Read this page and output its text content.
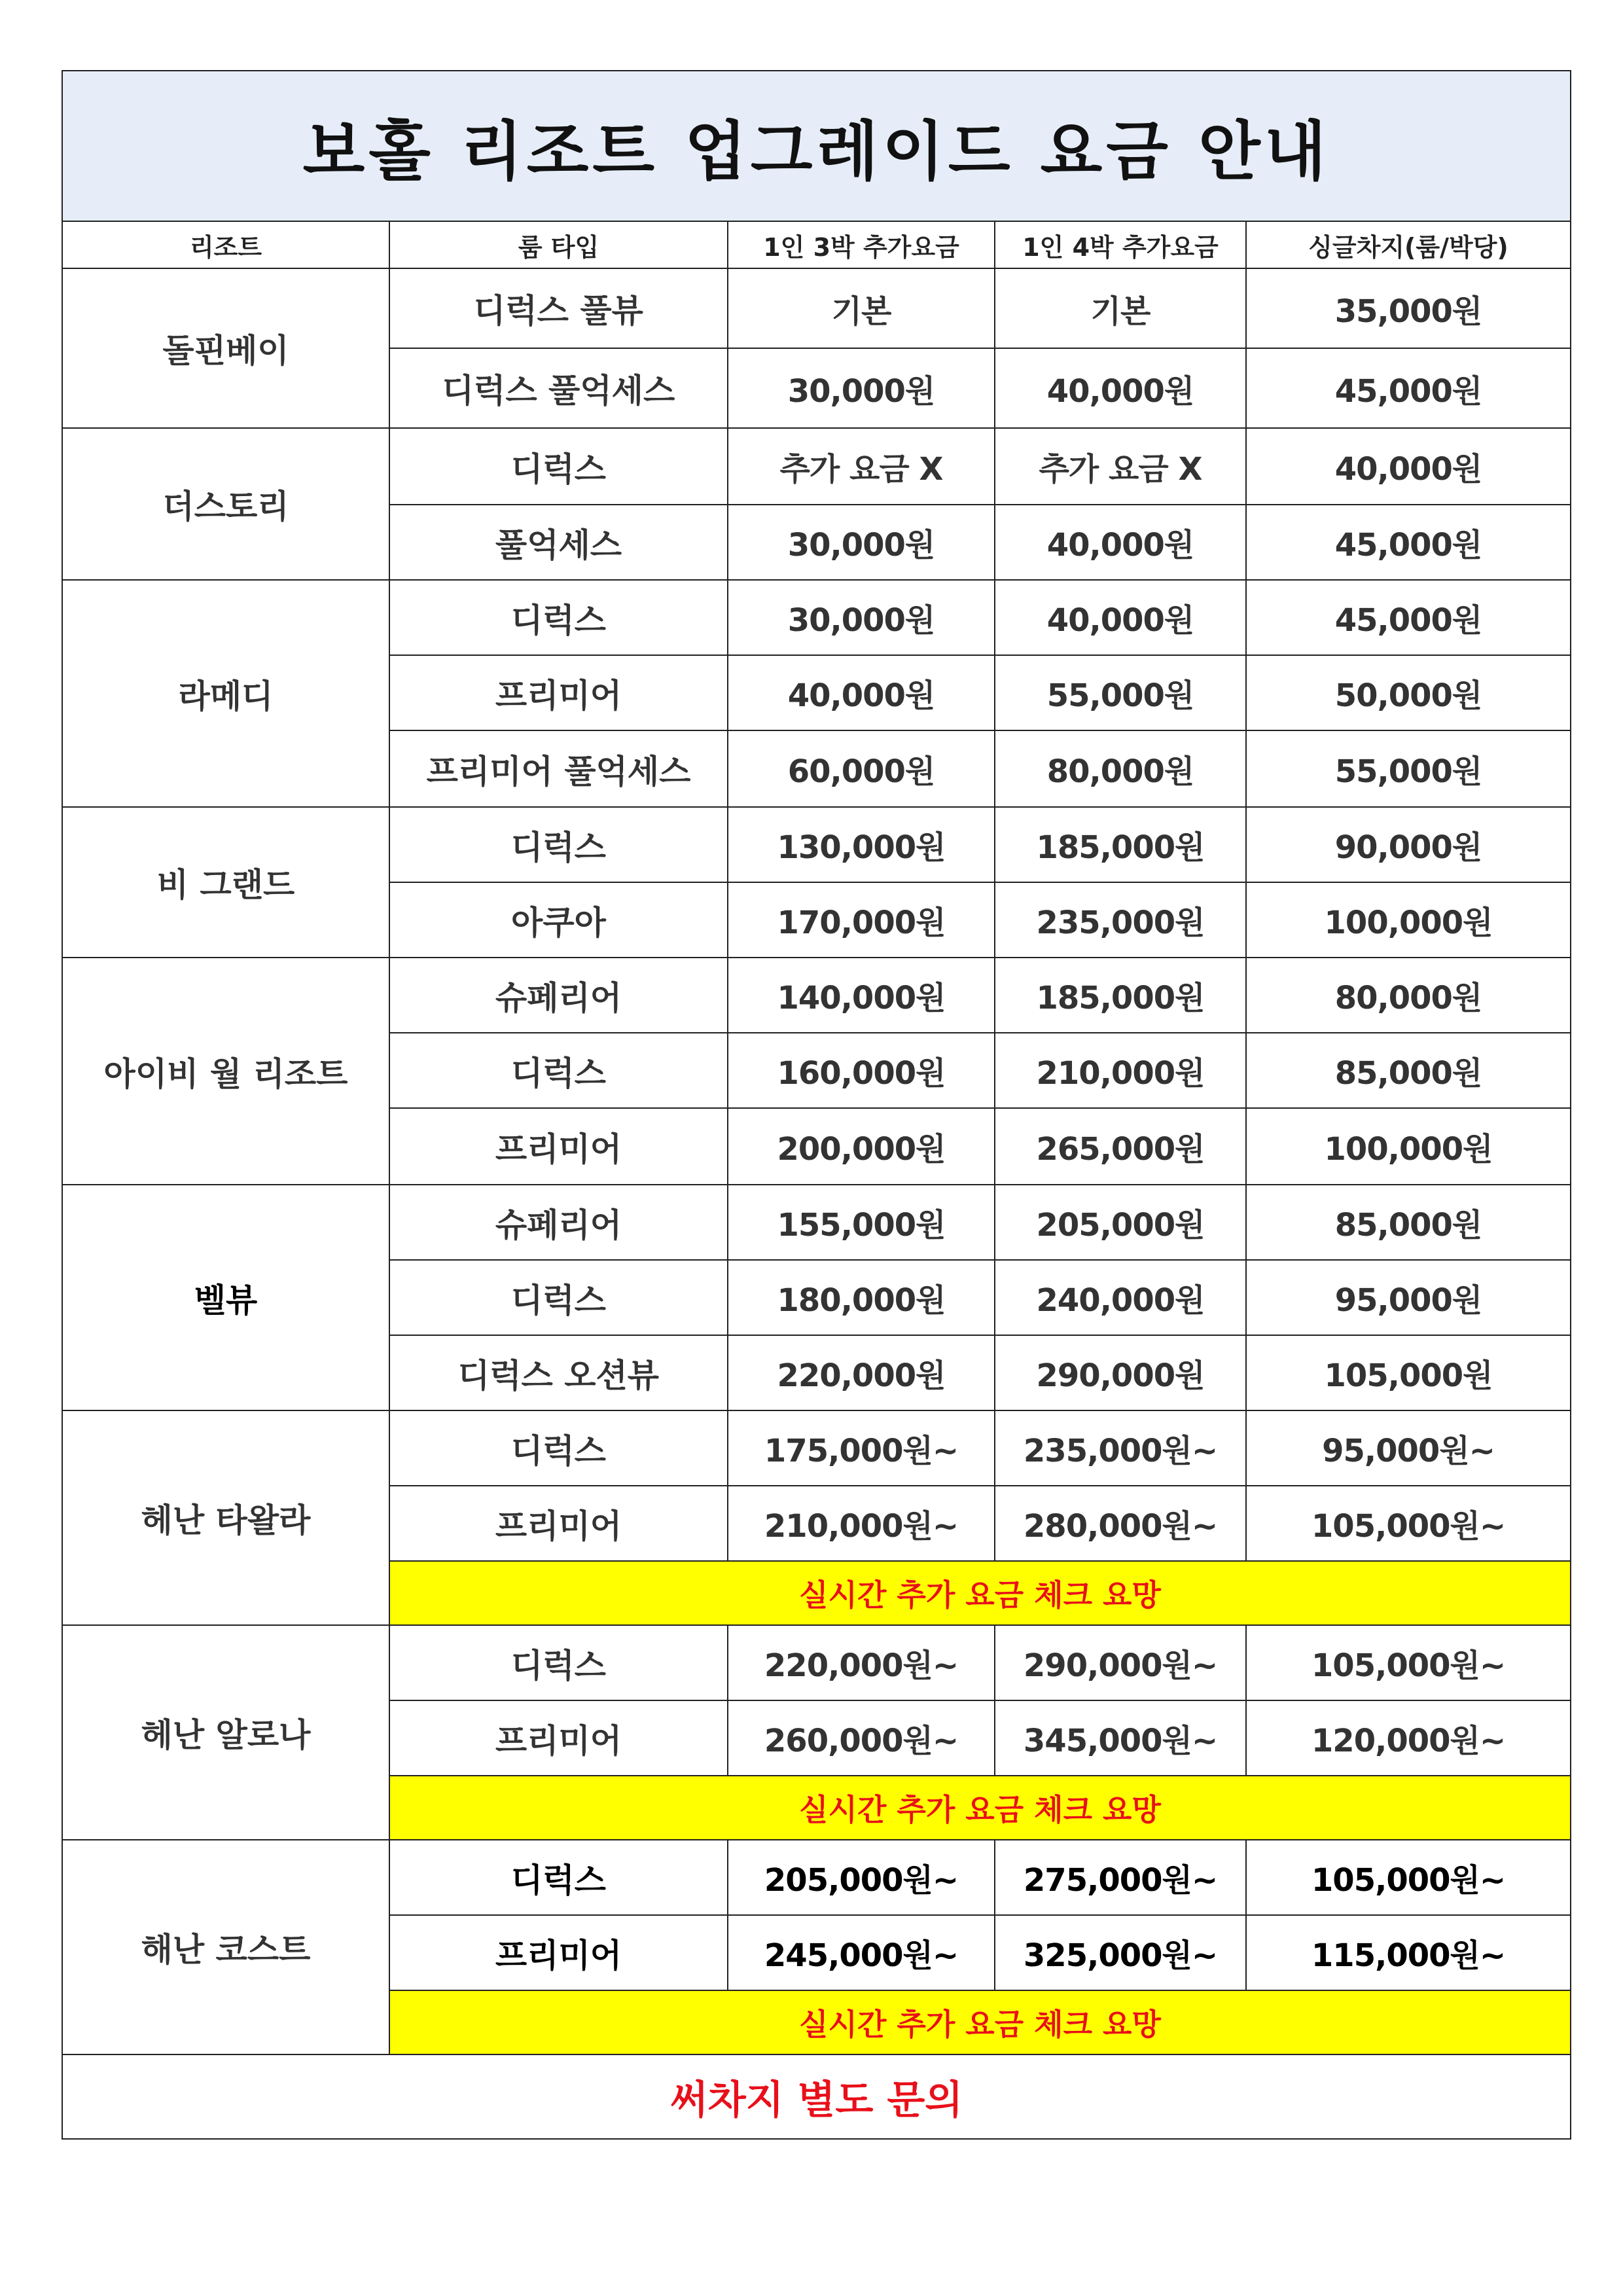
보홀 리조트 업그레이드 요금 안내				
리조트	룸 타입	1인 3박 추가요금	1인 4박 추가요금	싱글차지(룸/박당)
돌핀베이	디럭스 풀뷰	기본	기본	35,000원
	디럭스 풀억세스	30,000원	40,000원	45,000원
더스토리	디럭스	추가 요금 X	추가 요금 X	40,000원
	풀억세스	30,000원	40,000원	45,000원
라메디	디럭스	30,000원	40,000원	45,000원
	프리미어	40,000원	55,000원	50,000원
	프리미어 풀억세스	60,000원	80,000원	55,000원
비 그랜드	디럭스	130,000원	185,000원	90,000원
	아쿠아	170,000원	235,000원	100,000원
아이비 월 리조트	슈페리어	140,000원	185,000원	80,000원
	디럭스	160,000원	210,000원	85,000원
	프리미어	200,000원	265,000원	100,000원
벨뷰	슈페리어	155,000원	205,000원	85,000원
	디럭스	180,000원	240,000원	95,000원
	디럭스 오션뷰	220,000원	290,000원	105,000원
헤난 타왈라	디럭스	175,000원~	235,000원~	95,000원~
	프리미어	210,000원~	280,000원~	105,000원~
	실시간 추가 요금 체크 요망			
헤난 알로나	디럭스	220,000원~	290,000원~	105,000원~
	프리미어	260,000원~	345,000원~	120,000원~
	실시간 추가 요금 체크 요망			
해난 코스트	디럭스	205,000원~	275,000원~	105,000원~
	프리미어	245,000원~	325,000원~	115,000원~
	실시간 추가 요금 체크 요망			
써차지 별도 문의				
